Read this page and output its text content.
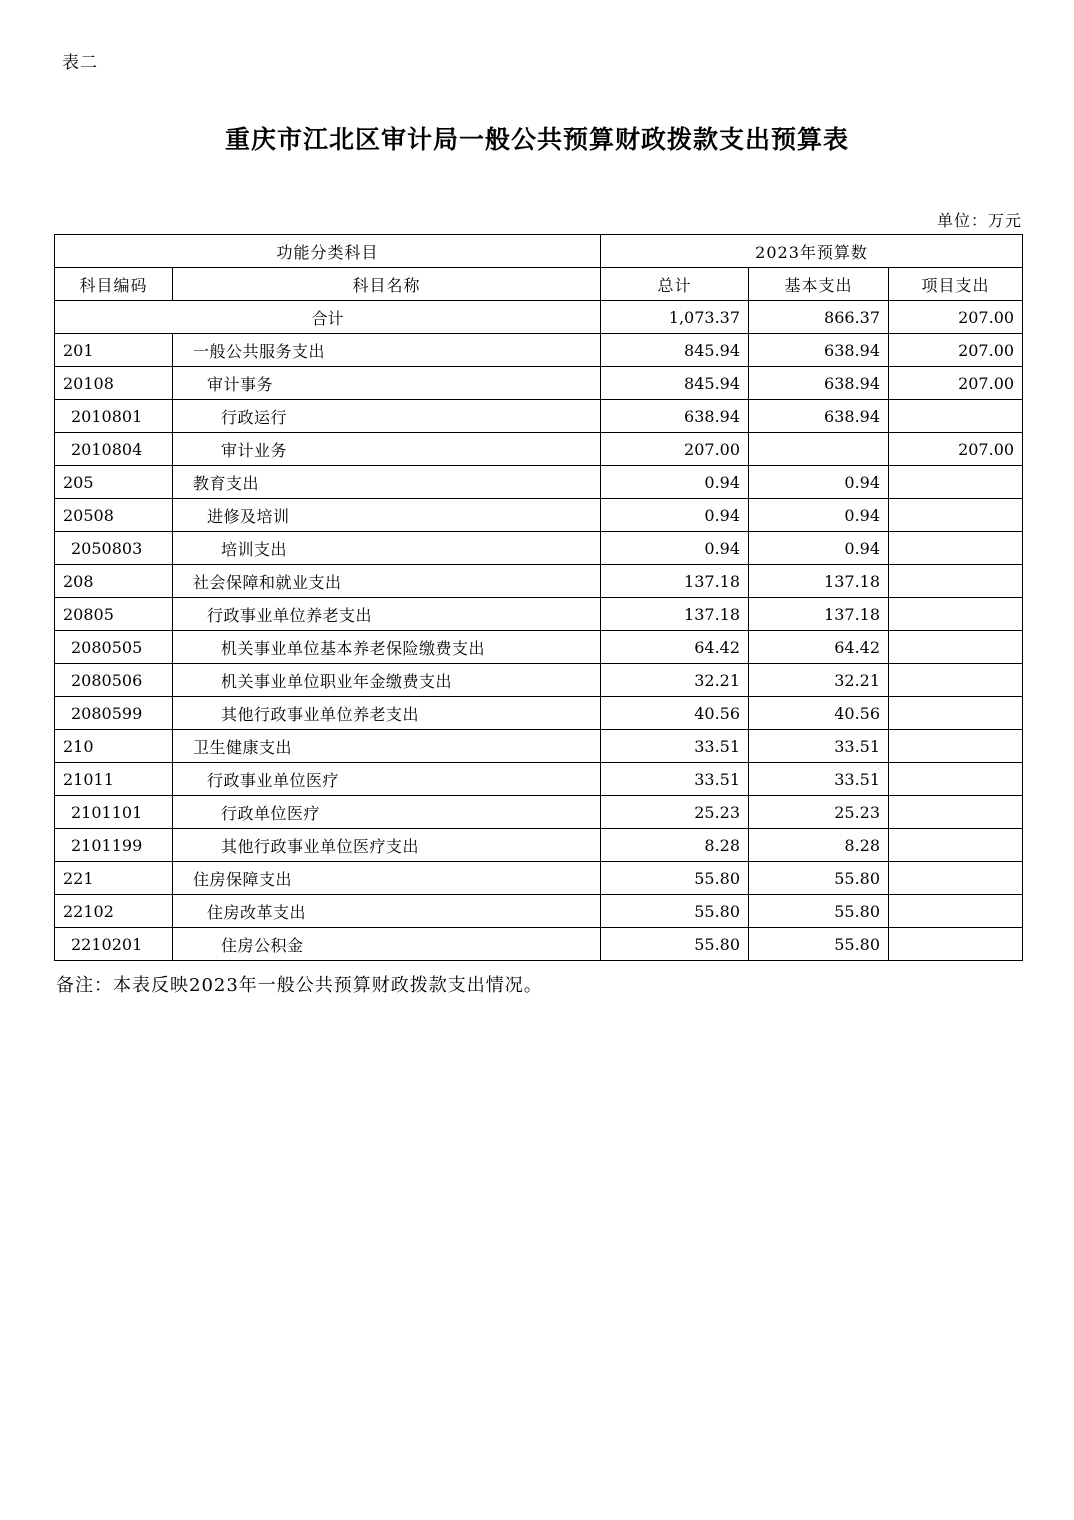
表二
重庆市江北区审计局一般公共预算财政拨款支出预算表
单位：万元
功能分类科目		2023年预算数		
科目编码	科目名称	总计	基本支出	项目支出
合计		1,073.37	866.37	207.00
201	一般公共服务支出	845.94	638.94	207.00
20108	审计事务	845.94	638.94	207.00
2010801	行政运行	638.94	638.94	
2010804	审计业务	207.00		207.00
205	教育支出	0.94	0.94	
20508	进修及培训	0.94	0.94	
2050803	培训支出	0.94	0.94	
208	社会保障和就业支出	137.18	137.18	
20805	行政事业单位养老支出	137.18	137.18	
2080505	机关事业单位基本养老保险缴费支出	64.42	64.42	
2080506	机关事业单位职业年金缴费支出	32.21	32.21	
2080599	其他行政事业单位养老支出	40.56	40.56	
210	卫生健康支出	33.51	33.51	
21011	行政事业单位医疗	33.51	33.51	
2101101	行政单位医疗	25.23	25.23	
2101199	其他行政事业单位医疗支出	8.28	8.28	
221	住房保障支出	55.80	55.80	
22102	住房改革支出	55.80	55.80	
2210201	住房公积金	55.80	55.80	
备注：本表反映2023年一般公共预算财政拨款支出情况。
